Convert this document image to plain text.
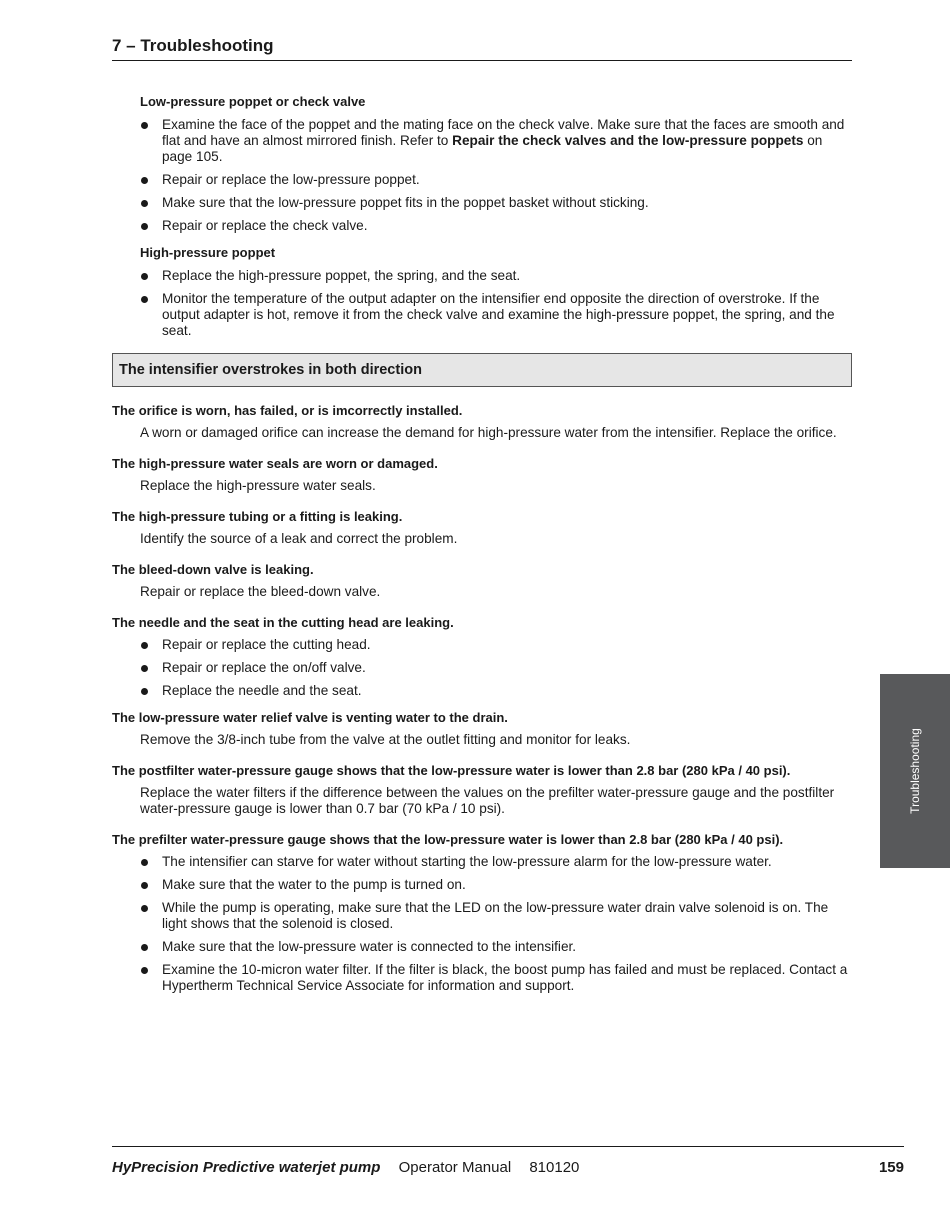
7 – Troubleshooting
Low-pressure poppet or check valve
Examine the face of the poppet and the mating face on the check valve. Make sure that the faces are smooth and flat and have an almost mirrored finish. Refer to Repair the check valves and the low-pressure poppets on page 105.
Repair or replace the low-pressure poppet.
Make sure that the low-pressure poppet fits in the poppet basket without sticking.
Repair or replace the check valve.
High-pressure poppet
Replace the high-pressure poppet, the spring, and the seat.
Monitor the temperature of the output adapter on the intensifier end opposite the direction of overstroke. If the output adapter is hot, remove it from the check valve and examine the high-pressure poppet, the spring, and the seat.
The intensifier overstrokes in both direction
The orifice is worn, has failed, or is imcorrectly installed.
A worn or damaged orifice can increase the demand for high-pressure water from the intensifier. Replace the orifice.
The high-pressure water seals are worn or damaged.
Replace the high-pressure water seals.
The high-pressure tubing or a fitting is leaking.
Identify the source of a leak and correct the problem.
The bleed-down valve is leaking.
Repair or replace the bleed-down valve.
The needle and the seat in the cutting head are leaking.
Repair or replace the cutting head.
Repair or replace the on/off valve.
Replace the needle and the seat.
The low-pressure water relief valve is venting water to the drain.
Remove the 3/8-inch tube from the valve at the outlet fitting and monitor for leaks.
The postfilter water-pressure gauge shows that the low-pressure water is lower than 2.8 bar (280 kPa / 40 psi).
Replace the water filters if the difference between the values on the prefilter water-pressure gauge and the postfilter water-pressure gauge is lower than 0.7 bar (70 kPa / 10 psi).
The prefilter water-pressure gauge shows that the low-pressure water is lower than 2.8 bar (280 kPa / 40 psi).
The intensifier can starve for water without starting the low-pressure alarm for the low-pressure water.
Make sure that the water to the pump is turned on.
While the pump is operating, make sure that the LED on the low-pressure water drain valve solenoid is on. The light shows that the solenoid is closed.
Make sure that the low-pressure water is connected to the intensifier.
Examine the 10-micron water filter. If the filter is black, the boost pump has failed and must be replaced. Contact a Hypertherm Technical Service Associate for information and support.
Troubleshooting
HyPrecision Predictive waterjet pump Operator Manual 810120	159
